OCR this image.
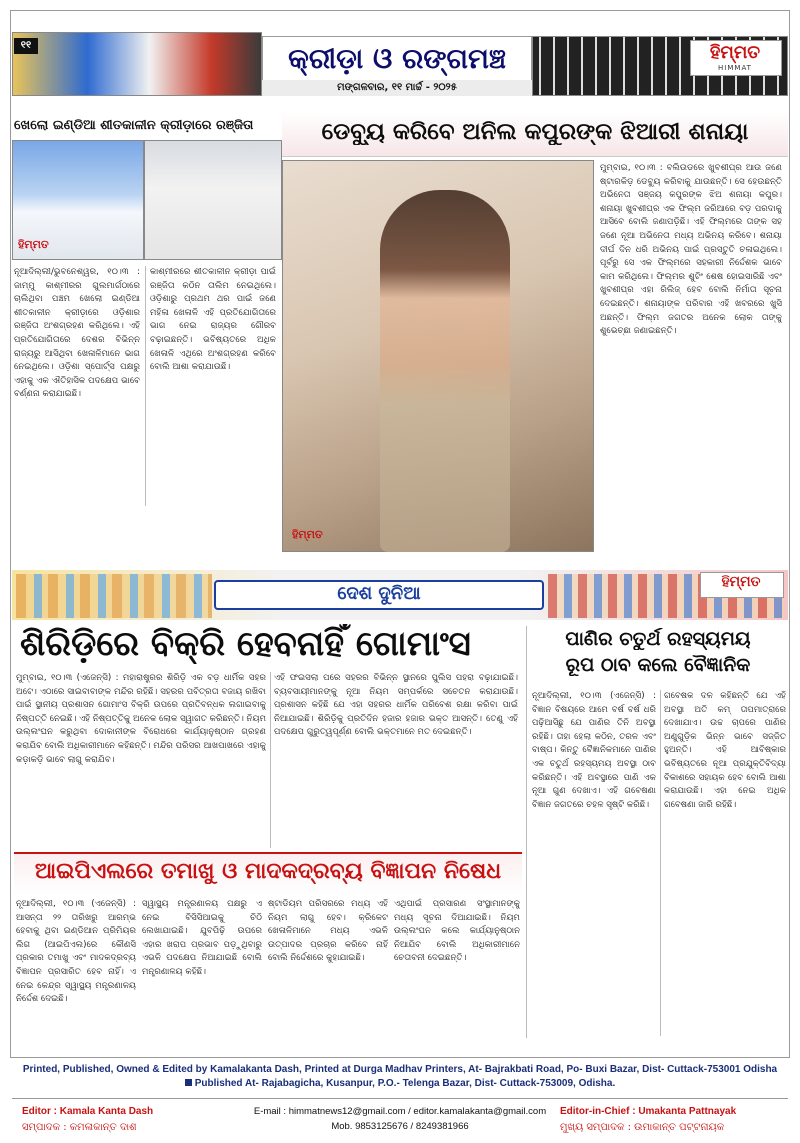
୧୧	କ୍ରୀଡ଼ା ଓ ରଙ୍ଗମଞ୍ଚ
ମଙ୍ଗଳବାର, ୧୧ ମାର୍ଚ୍ଚ - ୨୦୨୫
ହିମ୍ମତ
HIMMAT
ଖେଲୋ ଇଣ୍ଡିଆ ଶୀତକାଳୀନ କ୍ରୀଡ଼ାରେ ରଞ୍ଜିତା
ହିମ୍ମତ

ନୂଆଦିଲ୍ଲୀ/ଭୁବନେଶ୍ୱର, ୧୦।୩ : ଜାମ୍ମୁ କାଶ୍ମୀରର ଗୁଲମାର୍ଗଠାରେ ଚାଲିଥିବା ପଞ୍ଚମ ଖେଲୋ ଇଣ୍ଡିଆ ଶୀତକାଳୀନ କ୍ରୀଡ଼ାରେ ଓଡ଼ିଶାର ରଞ୍ଜିତା ଅଂଶଗ୍ରହଣ କରିଥିଲେ। ଏହି ପ୍ରତିଯୋଗିତାରେ ଦେଶର ବିଭିନ୍ନ ରାଜ୍ୟରୁ ଆସିଥିବା ଖେଳାଳିମାନେ ଭାଗ ନେଇଥିଲେ। ଓଡ଼ିଶା ସ୍ପୋର୍ଟ୍ସ ପକ୍ଷରୁ ଏହାକୁ ଏକ ଐତିହାସିକ ପଦକ୍ଷେପ ଭାବେ ବର୍ଣ୍ଣନା କରାଯାଇଛି।

କାଶ୍ମୀରରେ ଶୀତକାଳୀନ କ୍ରୀଡ଼ା ପାଇଁ ରଞ୍ଜିତା କଠିନ ତାଲିମ ନେଇଥିଲେ। ଓଡ଼ିଶାରୁ ପ୍ରଥମ ଥର ପାଇଁ ଜଣେ ମହିଳା ଖେଳାଳି ଏହି ପ୍ରତିଯୋଗିତାରେ ଭାଗ ନେଇ ରାଜ୍ୟର ଗୌରବ ବଢ଼ାଇଛନ୍ତି। ଭବିଷ୍ୟତରେ ଅଧିକ ଖେଳାଳି ଏଥିରେ ଅଂଶଗ୍ରହଣ କରିବେ ବୋଲି ଆଶା କରାଯାଉଛି।

ଡେବ୍ୟୁ କରିବେ ଅନିଲ କପୁରଙ୍କ ଝିଆରୀ ଶନାୟା
ହିମ୍ମତ

ମୁମ୍ବାଇ, ୧୦।୩ : ବଲିଉଡରେ ଖୁବଶୀଘ୍ର ଆଉ ଜଣେ ଷ୍ଟାରକିଡ଼ ଡେବ୍ୟୁ କରିବାକୁ ଯାଉଛନ୍ତି। ସେ ହେଉଛନ୍ତି ଅଭିନେତା ସଞ୍ଜୟ କପୁରଙ୍କ ଝିଅ ଶନାୟା କପୁର। ଶନାୟା ଖୁବଶୀଘ୍ର ଏକ ଫିଲ୍ମ ଜରିଆରେ ବଡ଼ ପରଦାକୁ ଆସିବେ ବୋଲି ଜଣାପଡ଼ିଛି। ଏହି ଫିଲ୍ମରେ ତାଙ୍କ ସହ ଜଣେ ନୂଆ ଅଭିନେତା ମଧ୍ୟ ଅଭିନୟ କରିବେ। ଶନାୟା ଦୀର୍ଘ ଦିନ ଧରି ଅଭିନୟ ପାଇଁ ପ୍ରସ୍ତୁତି ଚଳାଇଥିଲେ। ପୂର୍ବରୁ ସେ ଏକ ଫିଲ୍ମରେ ସହକାରୀ ନିର୍ଦ୍ଦେଶକ ଭାବେ କାମ କରିଥିଲେ। ଫିଲ୍ମର ଶୁଟିଂ ଶେଷ ହୋଇସାରିଛି ଏବଂ ଖୁବଶୀଘ୍ର ଏହା ରିଲିଜ୍ ହେବ ବୋଲି ନିର୍ମାତା ସୂଚନା ଦେଇଛନ୍ତି। ଶନାୟାଙ୍କ ପରିବାର ଏହି ଖବରରେ ଖୁସି ଅଛନ୍ତି। ଫିଲ୍ମ ଜଗତର ଅନେକ ଲୋକ ତାଙ୍କୁ ଶୁଭେଚ୍ଛା ଜଣାଇଛନ୍ତି।

ଦେଶ ଦୁନିଆ
ହିମ୍ମତ
ଶିରିଡ଼ିରେ ବିକ୍ରି ହେବନାହିଁ ଗୋମାଂସ

ମୁମ୍ବାଇ, ୧୦।୩ (ଏଜେନ୍ସି) : ମହାରାଷ୍ଟ୍ରର ଶିରିଡ଼ି ଏକ ବଡ଼ ଧାର୍ମିକ ସହର ଅଟେ। ଏଠାରେ ସାଇବାବାଙ୍କ ମନ୍ଦିର ରହିଛି। ସହରର ପବିତ୍ରତା ବଜାୟ ରଖିବା ପାଇଁ ସ୍ଥାନୀୟ ପ୍ରଶାସନ ଗୋମାଂସ ବିକ୍ରି ଉପରେ ପ୍ରତିବନ୍ଧକ ଲଗାଇବାକୁ ନିଷ୍ପତ୍ତି ନେଇଛି। ଏହି ନିଷ୍ପତ୍ତିକୁ ଅନେକ ଲୋକ ସ୍ୱାଗତ କରିଛନ୍ତି। ନିୟମ ଉଲ୍ଲଂଘନ କରୁଥିବା ଦୋକାନୀଙ୍କ ବିରୋଧରେ କାର୍ଯ୍ୟାନୁଷ୍ଠାନ ଗ୍ରହଣ କରାଯିବ ବୋଲି ଅଧିକାରୀମାନେ କହିଛନ୍ତି। ମନ୍ଦିର ପରିସର ଆଖପାଖରେ ଏହାକୁ କଡ଼ାକଡ଼ି ଭାବେ ଲାଗୁ କରାଯିବ।

ଏହି ଫଇସଲା ପରେ ସହରର ବିଭିନ୍ନ ସ୍ଥାନରେ ପୁଲିସ ପହରା ବଢ଼ାଯାଇଛି। ବ୍ୟବସାୟୀମାନଙ୍କୁ ନୂଆ ନିୟମ ସମ୍ପର୍କରେ ସଚେତନ କରାଯାଉଛି। ପ୍ରଶାସନ କହିଛି ଯେ ଏହା ସହରର ଧାର୍ମିକ ପରିବେଶ ରକ୍ଷା କରିବା ପାଇଁ ନିଆଯାଇଛି। ଶିରିଡ଼ିକୁ ପ୍ରତିଦିନ ହଜାର ହଜାର ଭକ୍ତ ଆସନ୍ତି। ତେଣୁ ଏହି ପଦକ୍ଷେପ ଗୁରୁତ୍ୱପୂର୍ଣ୍ଣ ବୋଲି ଭକ୍ତମାନେ ମତ ଦେଇଛନ୍ତି।

ପାଣିର ଚତୁର୍ଥ ରହସ୍ୟମୟ
ରୂପ ଠାବ କଲେ ବୈଜ୍ଞାନିକ

ନୂଆଦିଲ୍ଲୀ, ୧୦।୩ (ଏଜେନ୍ସି) : ବିଜ୍ଞାନ ବିଷୟରେ ଆମେ ବର୍ଷ ବର୍ଷ ଧରି ପଢ଼ିଆସିଛୁ ଯେ ପାଣିର ତିନି ଅବସ୍ଥା ରହିଛି। ତାହା ହେଲା କଠିନ, ତରଳ ଏବଂ ବାଷ୍ପ। କିନ୍ତୁ ବୈଜ୍ଞାନିକମାନେ ପାଣିର ଏକ ଚତୁର୍ଥ ରହସ୍ୟମୟ ଅବସ୍ଥା ଠାବ କରିଛନ୍ତି। ଏହି ଅବସ୍ଥାରେ ପାଣି ଏକ ନୂଆ ଗୁଣ ଦେଖାଏ। ଏହି ଗବେଷଣା ବିଜ୍ଞାନ ଜଗତରେ ଚହଳ ସୃଷ୍ଟି କରିଛି।

ଗବେଷକ ଦଳ କହିଛନ୍ତି ଯେ ଏହି ଅବସ୍ଥା ଅତି କମ୍ ତାପମାତ୍ରାରେ ଦେଖାଯାଏ। ଉଚ୍ଚ ଚାପରେ ପାଣିର ଅଣୁଗୁଡ଼ିକ ଭିନ୍ନ ଭାବେ ସଜ୍ଜିତ ହୁଅନ୍ତି। ଏହି ଆବିଷ୍କାର ଭବିଷ୍ୟତରେ ନୂଆ ପ୍ରଯୁକ୍ତିବିଦ୍ୟା ବିକାଶରେ ସହାୟକ ହେବ ବୋଲି ଆଶା କରାଯାଉଛି। ଏହା ନେଇ ଅଧିକ ଗବେଷଣା ଜାରି ରହିଛି।

ଆଇପିଏଲରେ ତମାଖୁ ଓ ମାଦକଦ୍ରବ୍ୟ ବିଜ୍ଞାପନ ନିଷେଧ

ନୂଆଦିଲ୍ଲୀ, ୧୦।୩ (ଏଜେନ୍ସି) : ଆସନ୍ତା ୨୨ ତାରିଖରୁ ଆରମ୍ଭ ହେବାକୁ ଥିବା ଇଣ୍ଡିଆନ ପ୍ରିମିୟର ଲିଗ (ଆଇପିଏଲ)ରେ କୌଣସି ପ୍ରକାର ତମାଖୁ ଏବଂ ମାଦକଦ୍ରବ୍ୟ ବିଜ୍ଞାପନ ପ୍ରସାରିତ ହେବ ନାହିଁ। ଏ ନେଇ କେନ୍ଦ୍ର ସ୍ୱାସ୍ଥ୍ୟ ମନ୍ତ୍ରଣାଳୟ ନିର୍ଦ୍ଦେଶ ଦେଇଛି।

ସ୍ୱାସ୍ଥ୍ୟ ମନ୍ତ୍ରଣାଳୟ ପକ୍ଷରୁ ଏ ନେଇ ବିସିସିଆଇକୁ ଚିଠି ଲେଖାଯାଇଛି। ଯୁବପିଢ଼ି ଉପରେ ଏହାର ଖରାପ ପ୍ରଭାବ ପଡ଼ୁଥିବାରୁ ଏଭଳି ପଦକ୍ଷେପ ନିଆଯାଇଛି ବୋଲି ମନ୍ତ୍ରଣାଳୟ କହିଛି।

ଷ୍ଟାଡିୟମ ପରିସରରେ ମଧ୍ୟ ଏହି ନିୟମ ଲାଗୁ ହେବ। କ୍ରିକେଟ ଖେଳାଳିମାନେ ମଧ୍ୟ ଏଭଳି ଉତ୍ପାଦର ପ୍ରଚାର କରିବେ ନାହିଁ ବୋଲି ନିର୍ଦ୍ଦେଶରେ କୁହାଯାଇଛି।

ଏଥିପାଇଁ ପ୍ରସାରଣ ସଂସ୍ଥାମାନଙ୍କୁ ମଧ୍ୟ ସୂଚନା ଦିଆଯାଇଛି। ନିୟମ ଉଲ୍ଲଂଘନ କଲେ କାର୍ଯ୍ୟାନୁଷ୍ଠାନ ନିଆଯିବ ବୋଲି ଅଧିକାରୀମାନେ ଚେତାବନୀ ଦେଇଛନ୍ତି।

Printed, Published, Owned & Edited by Kamalakanta Dash, Printed at Durga Madhav Printers, At- Bajrakbati Road, Po- Buxi Bazar, Dist- Cuttack-753001 Odisha
Published At- Rajabagicha, Kusanpur, P.O.- Telenga Bazar, Dist- Cuttack-753009, Odisha.
Editor : Kamala Kanta Dash
ସମ୍ପାଦକ : କମଳାକାନ୍ତ ଦାଶ
E-mail : himmatnews12@gmail.com / editor.kamalakanta@gmail.com
Mob. 9853125676 / 8249381966
Editor-in-Chief : Umakanta Pattnayak
ମୁଖ୍ୟ ସମ୍ପାଦକ : ଉମାକାନ୍ତ ପଟ୍ଟନାୟକ
